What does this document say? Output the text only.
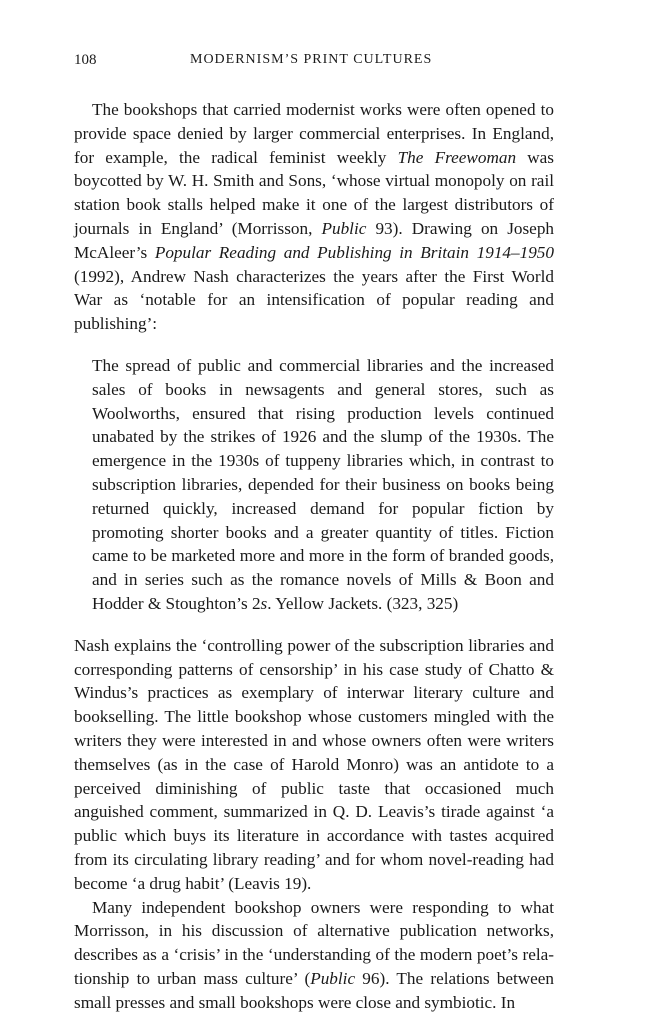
108	MODERNISM’S PRINT CULTURES

The bookshops that carried modernist works were often opened to provide space denied by larger commercial enterprises. In England, for example, the radical feminist weekly The Freewoman was boycotted by W. H. Smith and Sons, ‘whose virtual monopoly on rail station book stalls helped make it one of the largest distributors of journals in England’ (Morrisson, Public 93). Drawing on Joseph McAleer’s Popular Reading and Publishing in Britain 1914–1950 (1992), Andrew Nash characterizes the years after the First World War as ‘notable for an intensification of popular reading and publishing’:

The spread of public and commercial libraries and the increased sales of books in newsagents and general stores, such as Woolworths, ensured that rising production levels continued unabated by the strikes of 1926 and the slump of the 1930s. The emergence in the 1930s of tuppeny libraries which, in contrast to subscription libraries, depended for their business on books being returned quickly, increased demand for popular fiction by promoting shorter books and a greater quantity of titles. Fiction came to be marketed more and more in the form of branded goods, and in series such as the romance novels of Mills & Boon and Hodder & Stoughton’s 2s. Yellow Jackets. (323, 325)

Nash explains the ‘controlling power of the subscription libraries and corresponding patterns of censorship’ in his case study of Chatto & Windus’s practices as exemplary of interwar literary culture and bookselling. The little bookshop whose customers mingled with the writers they were interested in and whose owners often were writers themselves (as in the case of Harold Monro) was an antidote to a perceived diminishing of public taste that occasioned much anguished comment, summarized in Q. D. Leavis’s tirade against ‘a public which buys its literature in accordance with tastes acquired from its circulating library reading’ and for whom novel-reading had become ‘a drug habit’ (Leavis 19).

Many independent bookshop owners were responding to what Morrisson, in his discussion of alternative publication networks, describes as a ‘crisis’ in the ‘understanding of the modern poet’s relationship to urban mass culture’ (Public 96). The relations between small presses and small bookshops were close and symbiotic. In
